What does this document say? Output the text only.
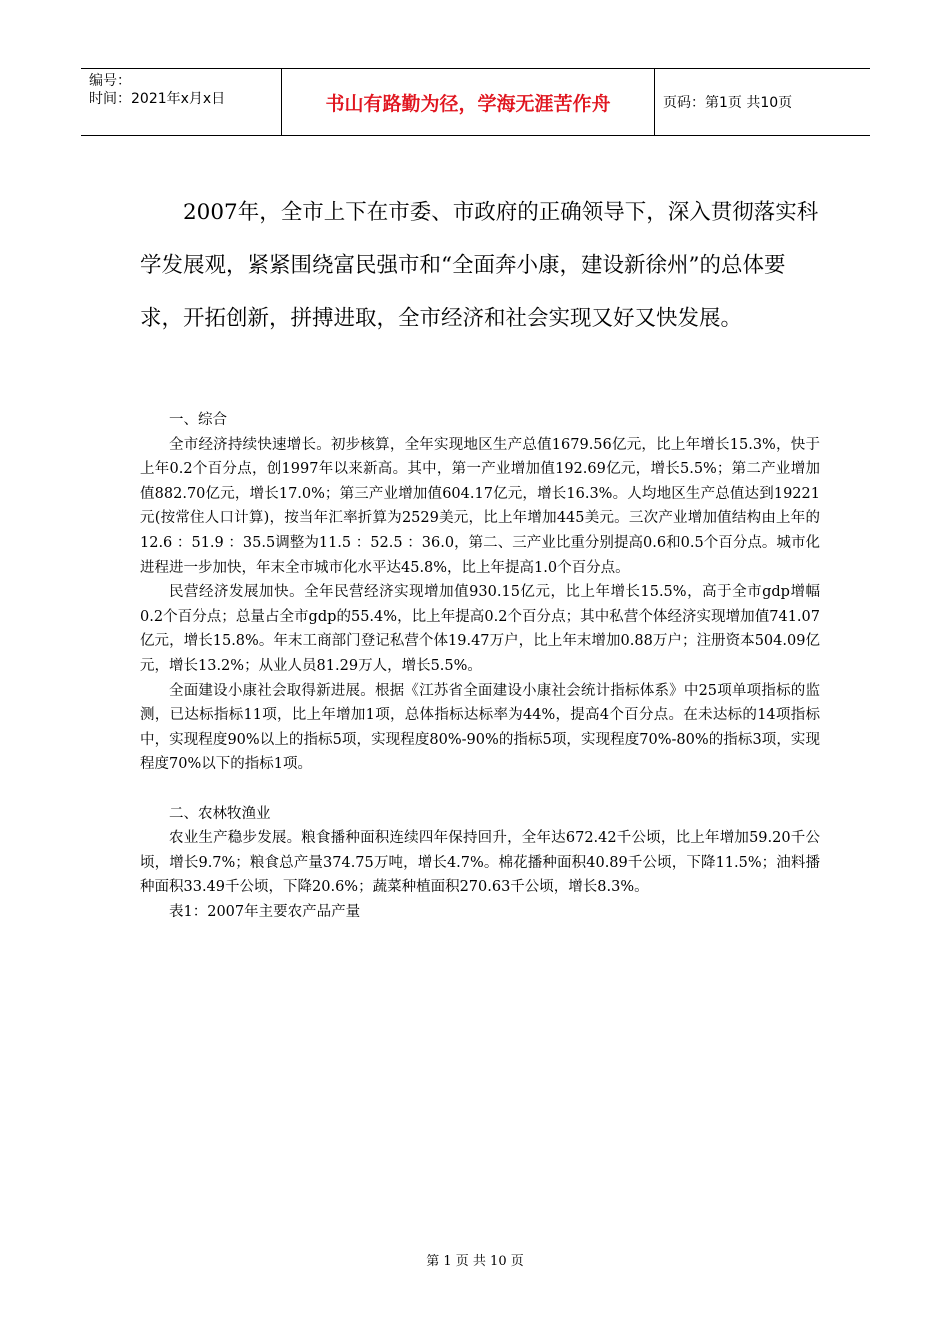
编号：
时间：2021年x月x日	书山有路勤为径，学海无涯苦作舟	页码：第1页 共10页

2007年，全市上下在市委、市政府的正确领导下，深入贯彻落实科学发展观，紧紧围绕富民强市和“全面奔小康，建设新徐州”的总体要求，开拓创新，拼搏进取，全市经济和社会实现又好又快发展。

一、综合

全市经济持续快速增长。初步核算，全年实现地区生产总值1679.56亿元，比上年增长15.3%，快于上年0.2个百分点，创1997年以来新高。其中，第一产业增加值192.69亿元，增长5.5%；第二产业增加值882.70亿元，增长17.0%；第三产业增加值604.17亿元，增长16.3%。人均地区生产总值达到19221元(按常住人口计算)，按当年汇率折算为2529美元，比上年增加445美元。三次产业增加值结构由上年的12.6 ：51.9 ：35.5调整为11.5 ：52.5 ：36.0，第二、三产业比重分别提高0.6和0.5个百分点。城市化进程进一步加快，年末全市城市化水平达45.8%，比上年提高1.0个百分点。

民营经济发展加快。全年民营经济实现增加值930.15亿元，比上年增长15.5%，高于全市gdp增幅0.2个百分点；总量占全市gdp的55.4%，比上年提高0.2个百分点；其中私营个体经济实现增加值741.07亿元，增长15.8%。年末工商部门登记私营个体19.47万户，比上年末增加0.88万户；注册资本504.09亿元，增长13.2%；从业人员81.29万人，增长5.5%。

全面建设小康社会取得新进展。根据《江苏省全面建设小康社会统计指标体系》中25项单项指标的监测，已达标指标11项，比上年增加1项，总体指标达标率为44%，提高4个百分点。在未达标的14项指标中，实现程度90%以上的指标5项，实现程度80%-90%的指标5项，实现程度70%-80%的指标3项，实现程度70%以下的指标1项。

二、农林牧渔业

农业生产稳步发展。粮食播种面积连续四年保持回升，全年达672.42千公顷，比上年增加59.20千公顷，增长9.7%；粮食总产量374.75万吨，增长4.7%。棉花播种面积40.89千公顷，下降11.5%；油料播种面积33.49千公顷，下降20.6%；蔬菜种植面积270.63千公顷，增长8.3%。

表1：2007年主要农产品产量

第 1 页 共 10 页
